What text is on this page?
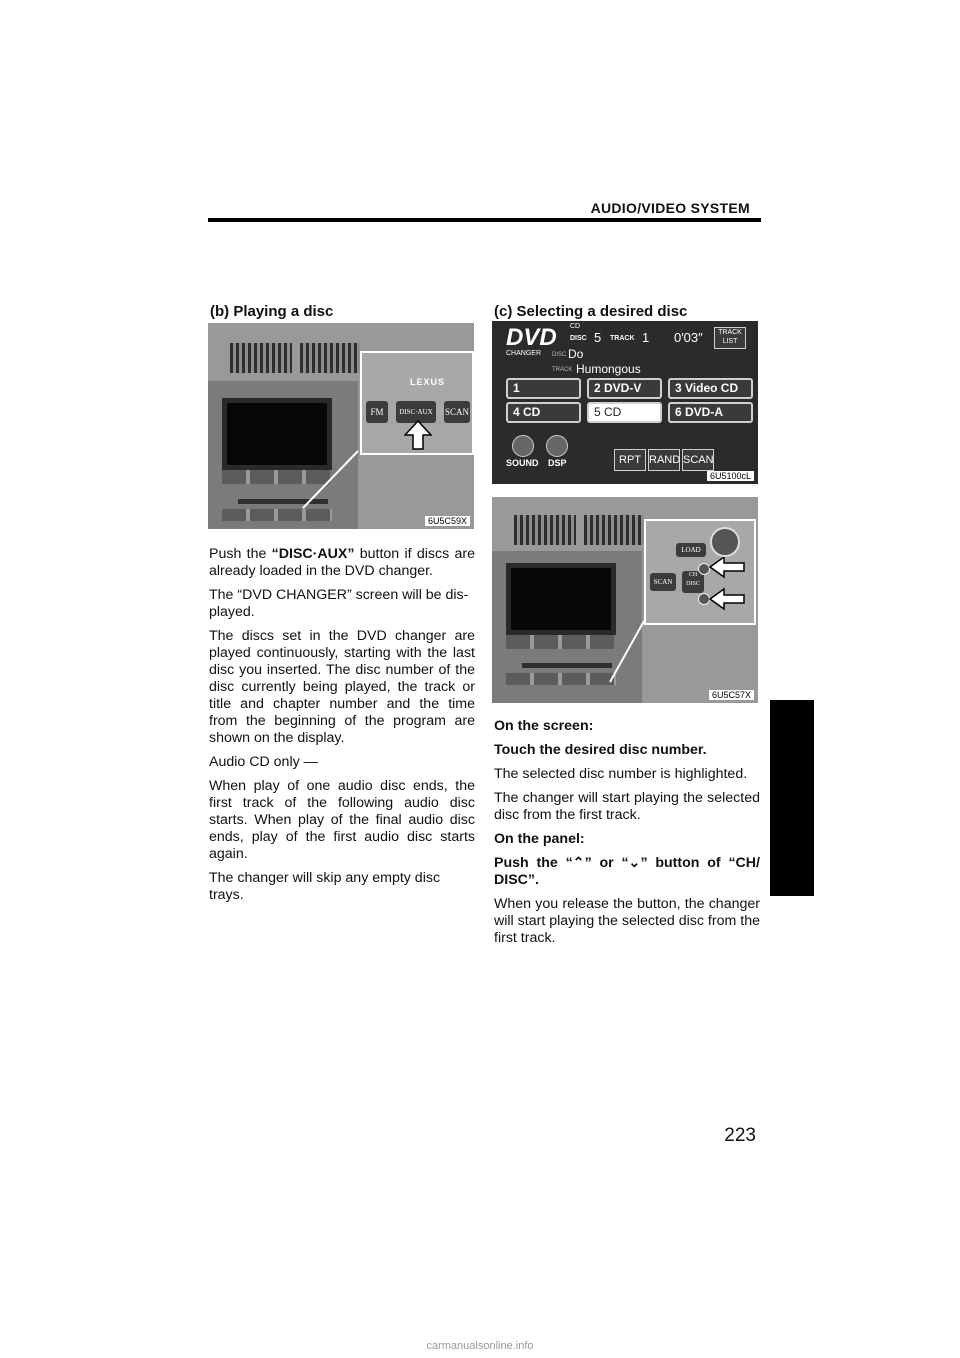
AUDIO/VIDEO SYSTEM
(b) Playing a disc
LEXUS
FM	DISC·AUX	SCAN
6U5C59X

Push the “DISC·AUX” button if discs are already loaded in the DVD changer.

The “DVD CHANGER” screen will be dis-played.

The discs set in the DVD changer are played continuously, starting with the last disc you inserted. The disc number of the disc currently being played, the track or title and chapter number and the time from the beginning of the program are shown on the display.

Audio CD only —

When play of one audio disc ends, the first track of the following audio disc starts. When play of the final audio disc ends, play of the first audio disc starts again.

The changer will skip any empty disc trays.

(c) Selecting a desired disc
DVD
CHANGER
CD
DISC 5 TRACK 1 0′03″	TRACK LIST
DISC Do
TRACK Humongous
1	2 DVD-V	3 Video CD
4 CD	5 CD	6 DVD-A
SOUND DSP	RPT RAND SCAN
6U5100cL
LOAD
SCAN
CH DISC
6U5C57X

On the screen:

Touch the desired disc number.

The selected disc number is highlighted.

The changer will start playing the selected disc from the first track.

On the panel:

Push the “⌃” or “⌄” button of “CH/ DISC”.

When you release the button, the changer will start playing the selected disc from the first track.

223
carmanualsonline.info
